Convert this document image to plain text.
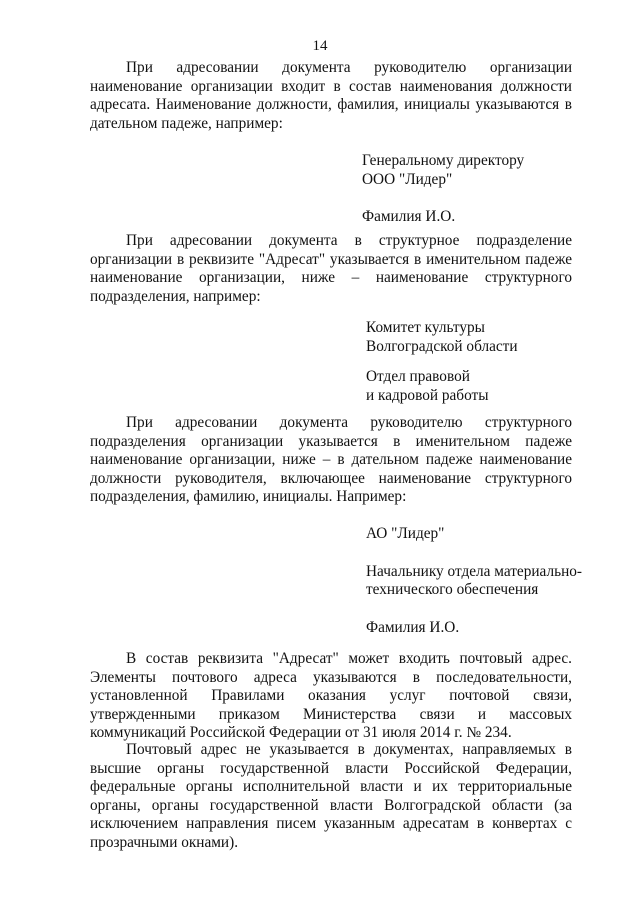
14

При адресовании документа руководителю организации наименование организации входит в состав наименования должности адресата. Наименование должности, фамилия, инициалы указываются в дательном падеже, например:

Генеральному директору
ООО "Лидер"
Фамилия И.О.

При адресовании документа в структурное подразделение организации в реквизите "Адресат" указывается в именительном падеже наименование организации, ниже – наименование структурного подразделения, например:

Комитет культуры
Волгоградской области
Отдел правовой
и кадровой работы

При адресовании документа руководителю структурного подразделения организации указывается в именительном падеже наименование организации, ниже – в дательном падеже наименование должности руководителя, включающее наименование структурного подразделения, фамилию, инициалы. Например:

АО "Лидер"
Начальнику отдела материально-
технического обеспечения
Фамилия И.О.

В состав реквизита "Адресат" может входить почтовый адрес. Элементы почтового адреса указываются в последовательности, установленной Правилами оказания услуг почтовой связи, утвержденными приказом Министерства связи и массовых коммуникаций Российской Федерации от 31 июля 2014 г. № 234.

Почтовый адрес не указывается в документах, направляемых в высшие органы государственной власти Российской Федерации, федеральные органы исполнительной власти и их территориальные органы, органы государственной власти Волгоградской области (за исключением направления писем указанным адресатам в конвертах с прозрачными окнами).
